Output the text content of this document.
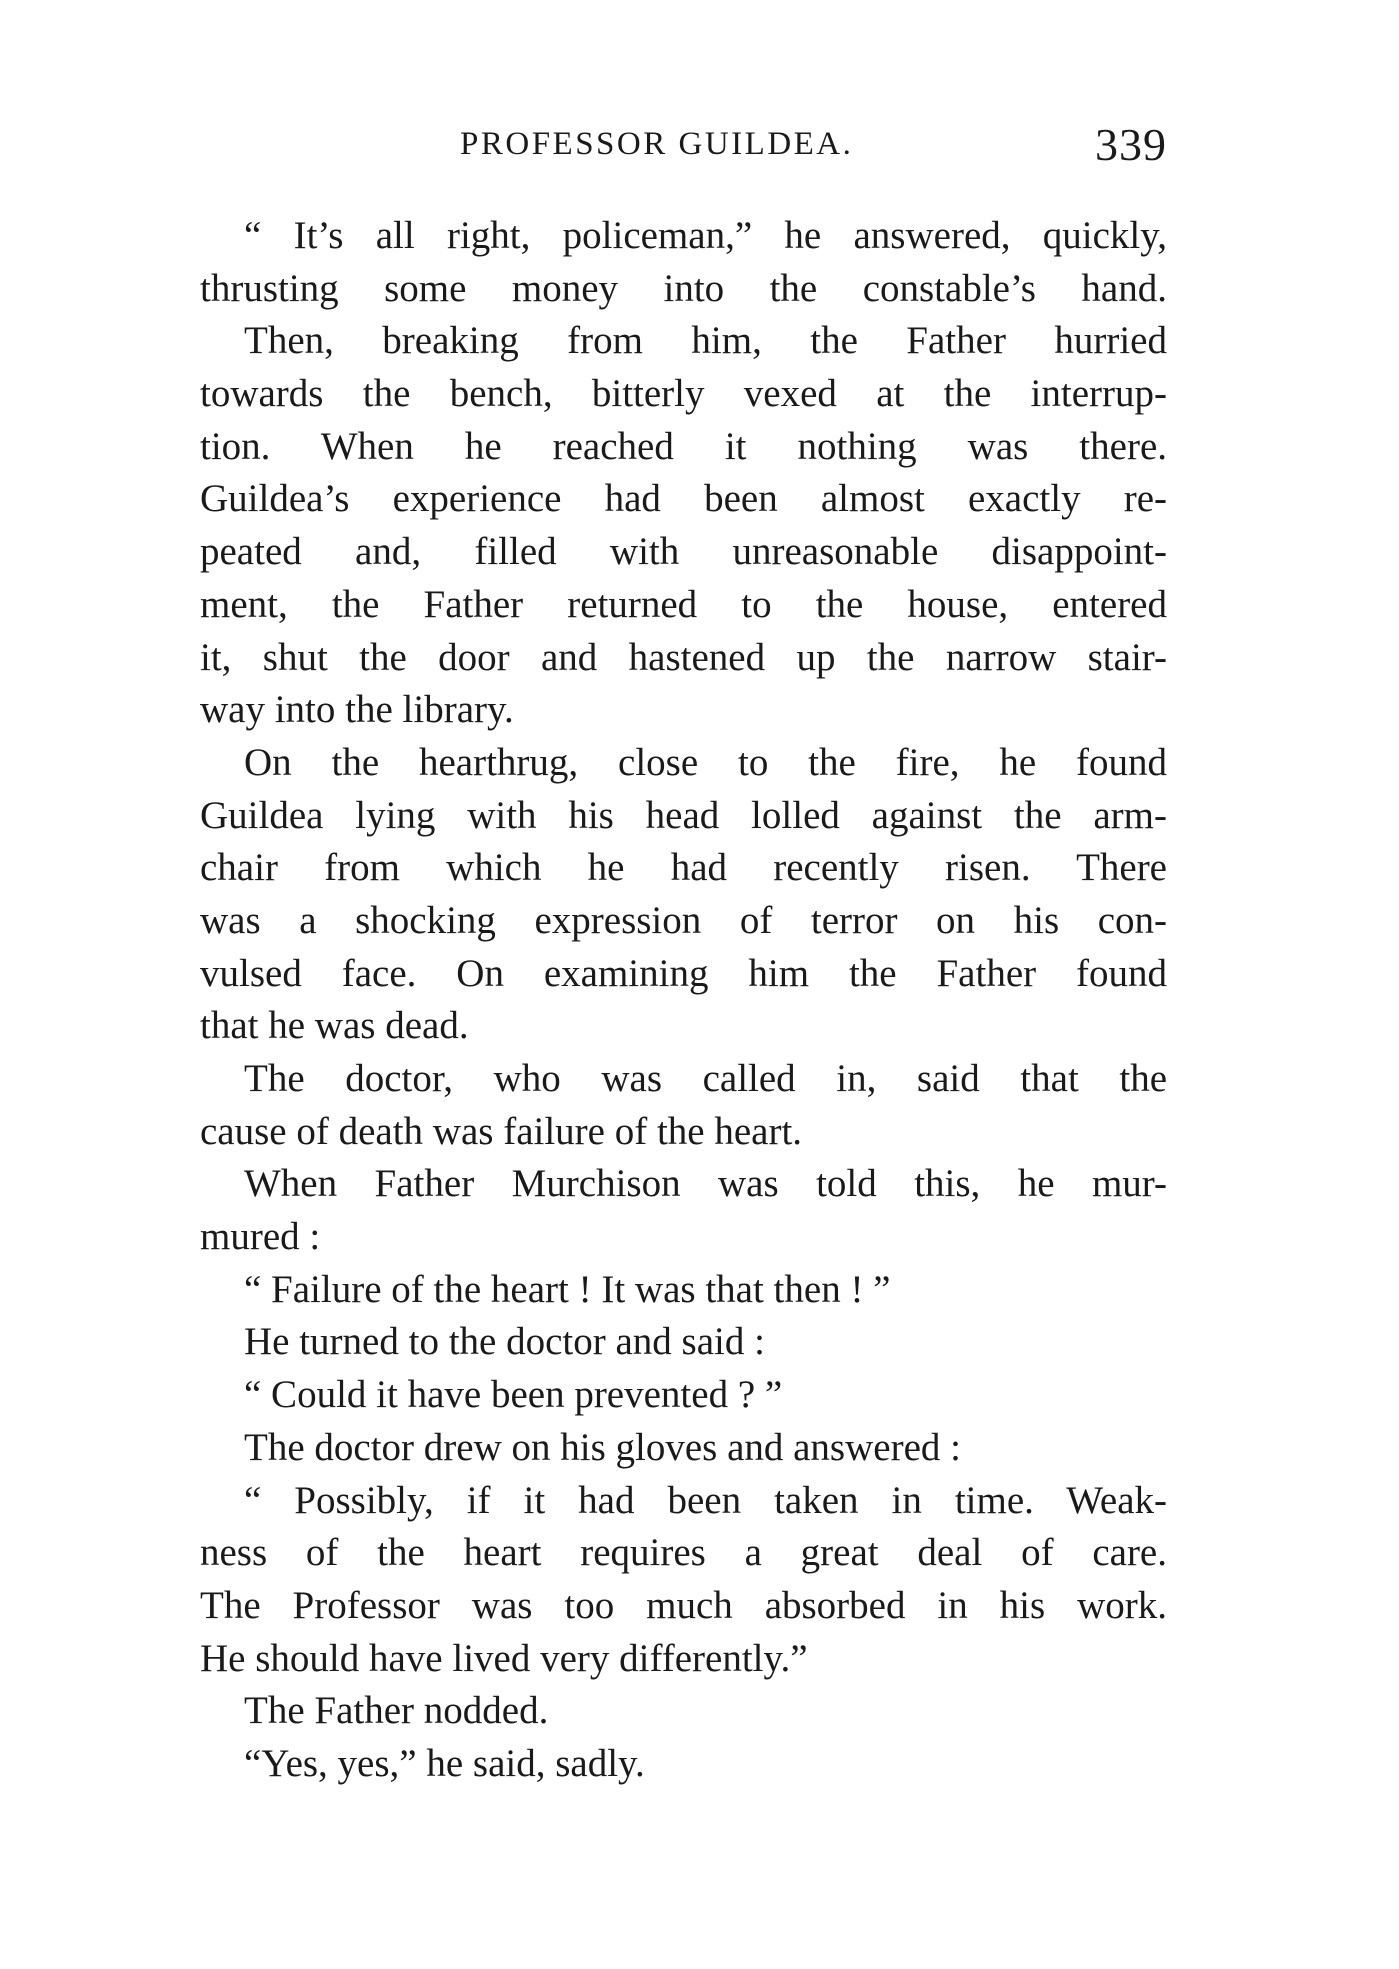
PROFESSOR GUILDEA.	339
“ It’s all right, policeman,” he answered, quickly,
thrusting some money into the constable’s hand.
Then, breaking from him, the Father hurried
towards the bench, bitterly vexed at the interrup-
tion. When he reached it nothing was there.
Guildea’s experience had been almost exactly re-
peated and, filled with unreasonable disappoint-
ment, the Father returned to the house, entered
it, shut the door and hastened up the narrow stair-
way into the library.
On the hearthrug, close to the fire, he found
Guildea lying with his head lolled against the arm-
chair from which he had recently risen. There
was a shocking expression of terror on his con-
vulsed face. On examining him the Father found
that he was dead.
The doctor, who was called in, said that the
cause of death was failure of the heart.
When Father Murchison was told this, he mur-
mured :
“ Failure of the heart ! It was that then ! ”
He turned to the doctor and said :
“ Could it have been prevented ? ”
The doctor drew on his gloves and answered :
“ Possibly, if it had been taken in time. Weak-
ness of the heart requires a great deal of care.
The Professor was too much absorbed in his work.
He should have lived very differently.”
The Father nodded.
“Yes, yes,” he said, sadly.
